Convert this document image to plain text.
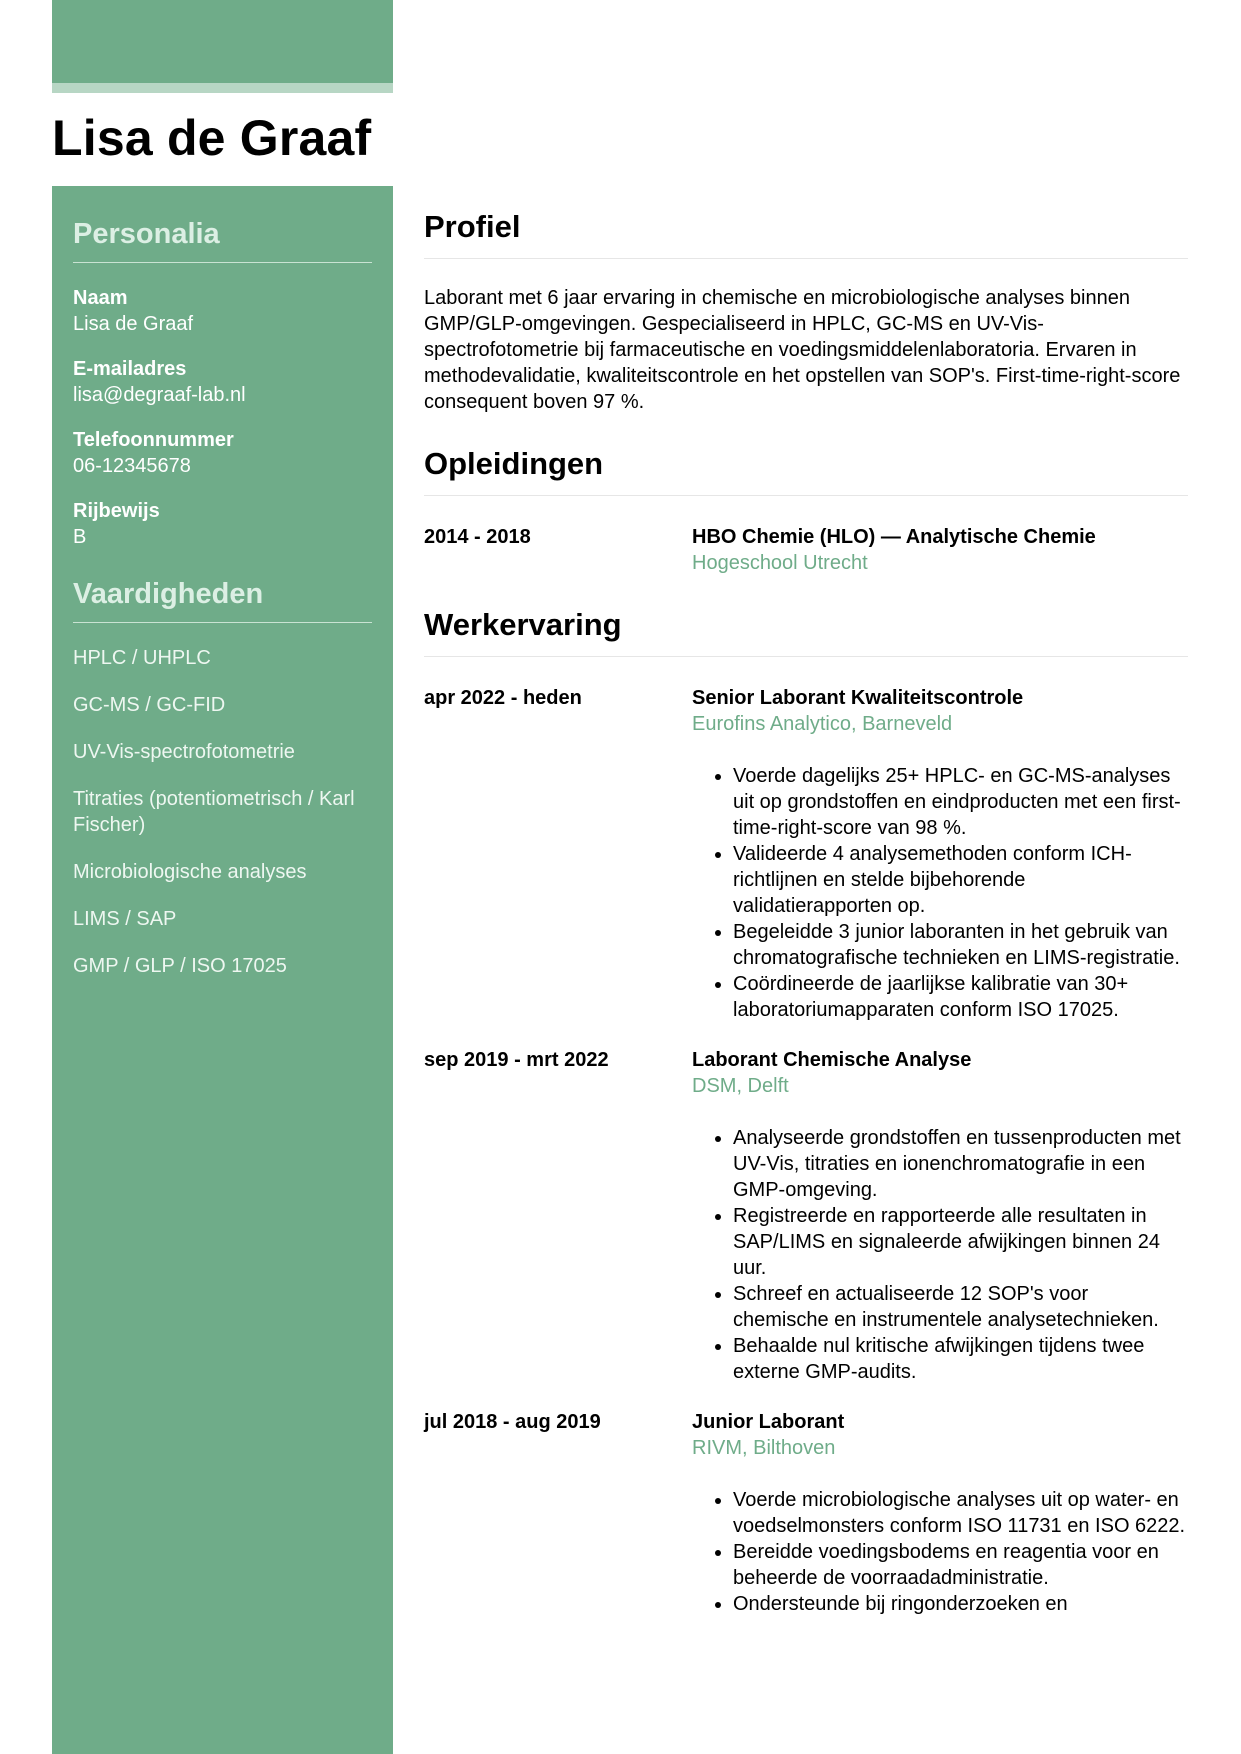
Lisa de Graaf
Personalia
Naam
Lisa de Graaf
E-mailadres
lisa@degraaf-lab.nl
Telefoonnummer
06-12345678
Rijbewijs
B
Vaardigheden
HPLC / UHPLC
GC-MS / GC-FID
UV-Vis-spectrofotometrie
Titraties (potentiometrisch / Karl Fischer)
Microbiologische analyses
LIMS / SAP
GMP / GLP / ISO 17025
Profiel

Laborant met 6 jaar ervaring in chemische en microbiologische analyses binnen GMP/GLP-omgevingen. Gespecialiseerd in HPLC, GC-MS en UV-Vis-spectrofotometrie bij farmaceutische en voedingsmiddelenlaboratoria. Ervaren in methodevalidatie, kwaliteitscontrole en het opstellen van SOP's. First-time-right-score consequent boven 97 %.

Opleidingen
2014 - 2018	HBO Chemie (HLO) — Analytische Chemie
Hogeschool Utrecht
Werkervaring
apr 2022 - heden	Senior Laborant Kwaliteitscontrole
Eurofins Analytico, Barneveld
• Voerde dagelijks 25+ HPLC- en GC-MS-analyses uit op grondstoffen en eindproducten met een first-time-right-score van 98 %.
• Valideerde 4 analysemethoden conform ICH-richtlijnen en stelde bijbehorende validatierapporten op.
• Begeleidde 3 junior laboranten in het gebruik van chromatografische technieken en LIMS-registratie.
• Coördineerde de jaarlijkse kalibratie van 30+ laboratoriumapparaten conform ISO 17025.
sep 2019 - mrt 2022	Laborant Chemische Analyse
DSM, Delft
• Analyseerde grondstoffen en tussenproducten met UV-Vis, titraties en ionenchromatografie in een GMP-omgeving.
• Registreerde en rapporteerde alle resultaten in SAP/LIMS en signaleerde afwijkingen binnen 24 uur.
• Schreef en actualiseerde 12 SOP's voor chemische en instrumentele analysetechnieken.
• Behaalde nul kritische afwijkingen tijdens twee externe GMP-audits.
jul 2018 - aug 2019	Junior Laborant
RIVM, Bilthoven
• Voerde microbiologische analyses uit op water- en voedselmonsters conform ISO 11731 en ISO 6222.
• Bereidde voedingsbodems en reagentia voor en beheerde de voorraadadministratie.
• Ondersteunde bij ringonderzoeken en
